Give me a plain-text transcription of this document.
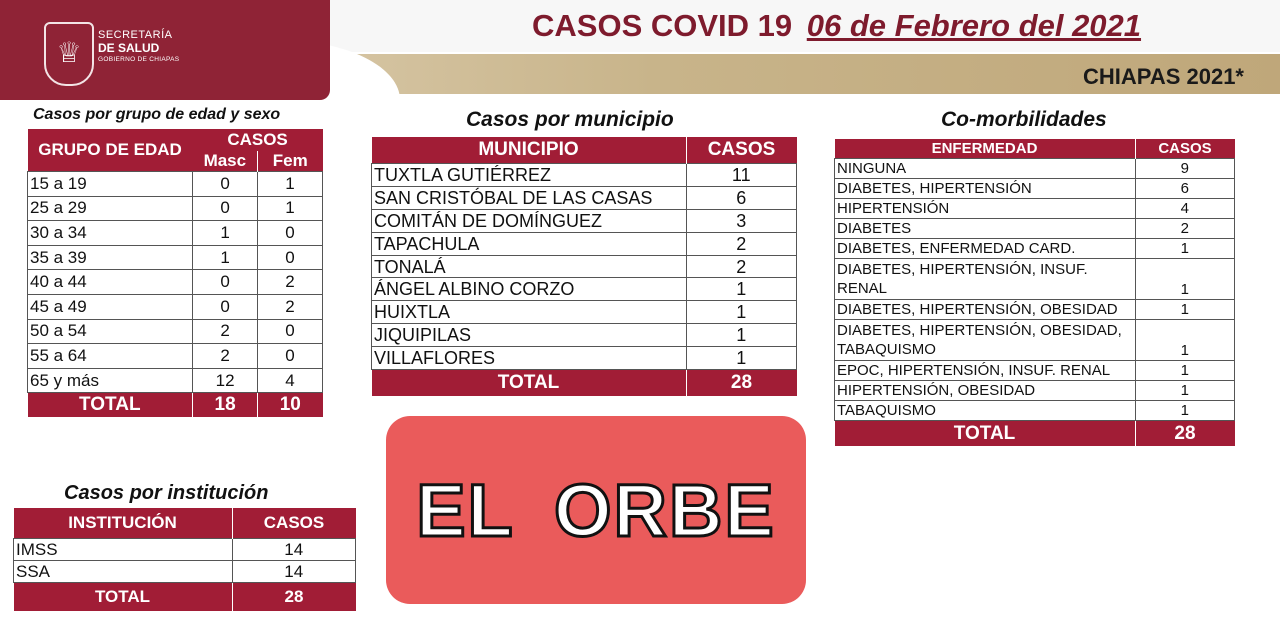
♕
SECRETARÍA
DE SALUD
GOBIERNO DE CHIAPAS
CASOS COVID 19 06 de Febrero del 2021
CHIAPAS 2021*
Casos por grupo de edad y sexo
GRUPO DE EDAD	CASOS	
	Masc	Fem
15 a 19	0	1
25 a 29	0	1
30 a 34	1	0
35 a 39	1	0
40 a 44	0	2
45 a 49	0	2
50 a 54	2	0
55 a 64	2	0
65 y más	12	4
TOTAL	18	10
Casos por municipio
MUNICIPIO	CASOS
TUXTLA GUTIÉRREZ	11
SAN CRISTÓBAL DE LAS CASAS	6
COMITÁN DE DOMÍNGUEZ	3
TAPACHULA	2
TONALÁ	2
ÁNGEL ALBINO CORZO	1
HUIXTLA	1
JIQUIPILAS	1
VILLAFLORES	1
TOTAL	28
Co-morbilidades
ENFERMEDAD	CASOS
NINGUNA	9
DIABETES, HIPERTENSIÓN	6
HIPERTENSIÓN	4
DIABETES	2
DIABETES, ENFERMEDAD CARD.	1
DIABETES, HIPERTENSIÓN, INSUF. RENAL	1
DIABETES, HIPERTENSIÓN, OBESIDAD	1
DIABETES, HIPERTENSIÓN, OBESIDAD, TABAQUISMO	1
EPOC, HIPERTENSIÓN, INSUF. RENAL	1
HIPERTENSIÓN, OBESIDAD	1
TABAQUISMO	1
TOTAL	28
Casos por institución
INSTITUCIÓN	CASOS
IMSS	14
SSA	14
TOTAL	28
EL ORBE
